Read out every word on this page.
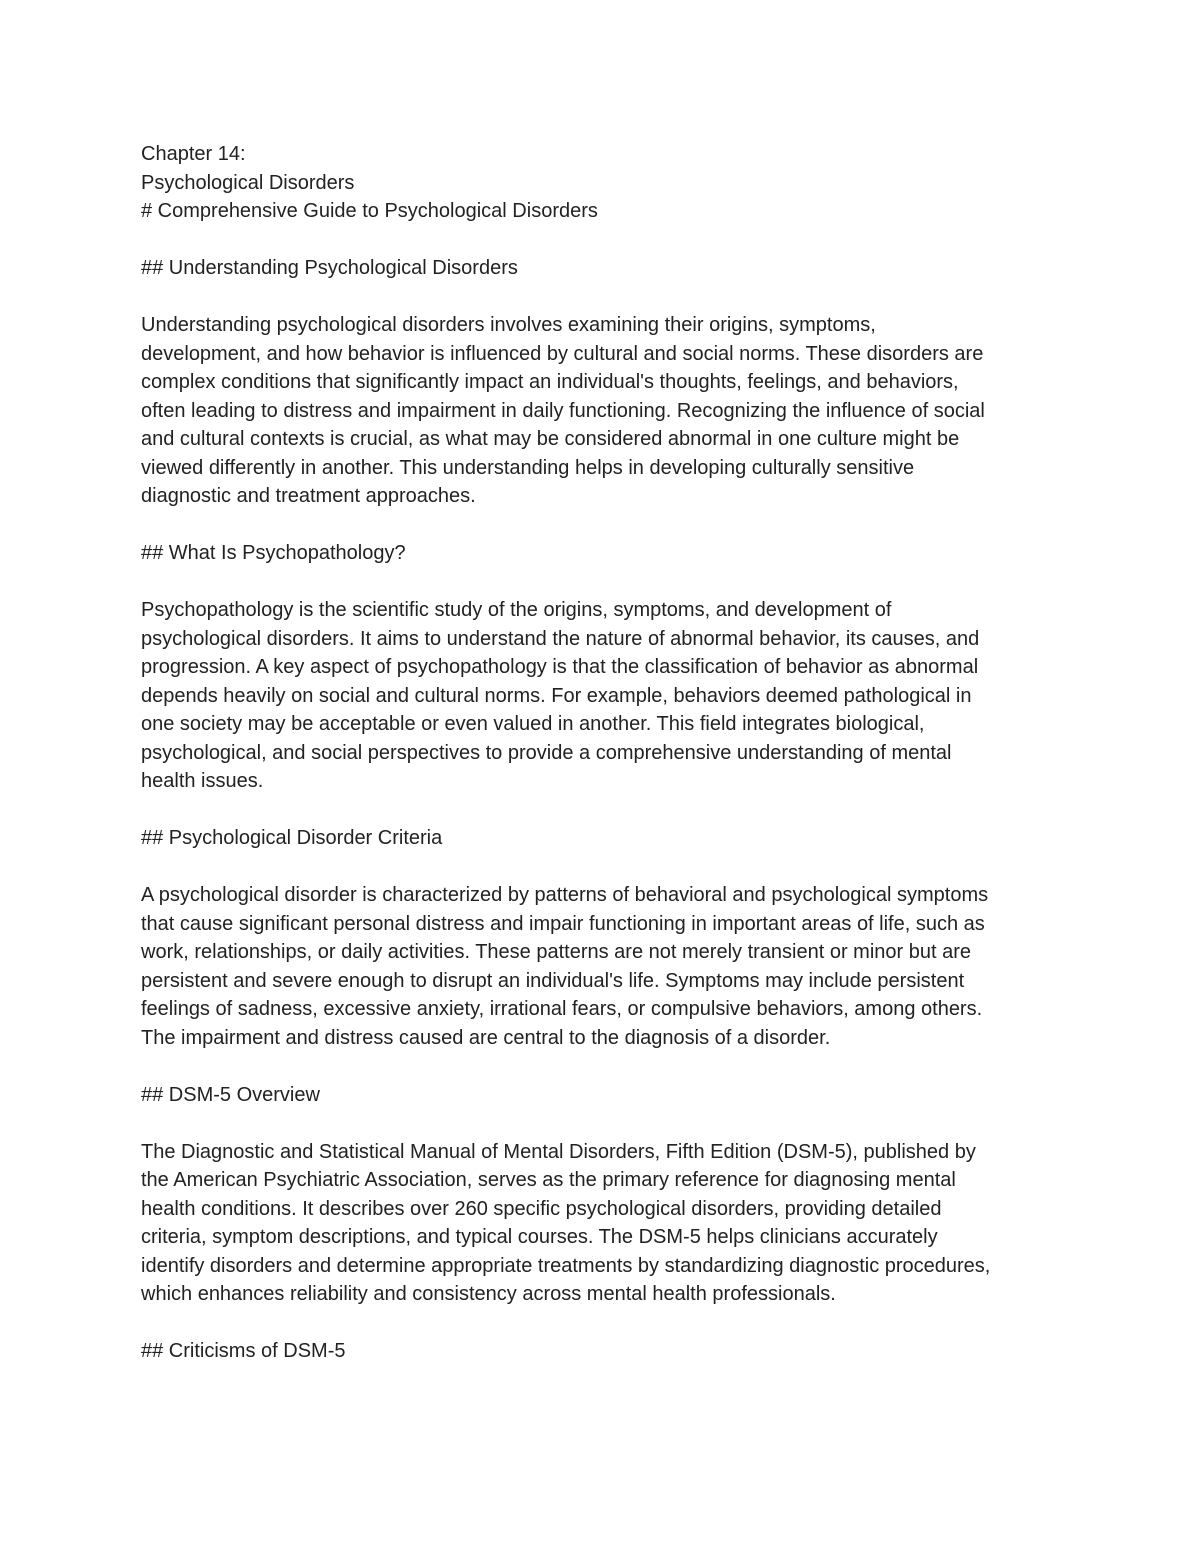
Chapter 14:
Psychological Disorders
# Comprehensive Guide to Psychological Disorders
## Understanding Psychological Disorders
Understanding psychological disorders involves examining their origins, symptoms,
development, and how behavior is influenced by cultural and social norms. These disorders are
complex conditions that significantly impact an individual's thoughts, feelings, and behaviors,
often leading to distress and impairment in daily functioning. Recognizing the influence of social
and cultural contexts is crucial, as what may be considered abnormal in one culture might be
viewed differently in another. This understanding helps in developing culturally sensitive
diagnostic and treatment approaches.
## What Is Psychopathology?
Psychopathology is the scientific study of the origins, symptoms, and development of
psychological disorders. It aims to understand the nature of abnormal behavior, its causes, and
progression. A key aspect of psychopathology is that the classification of behavior as abnormal
depends heavily on social and cultural norms. For example, behaviors deemed pathological in
one society may be acceptable or even valued in another. This field integrates biological,
psychological, and social perspectives to provide a comprehensive understanding of mental
health issues.
## Psychological Disorder Criteria
A psychological disorder is characterized by patterns of behavioral and psychological symptoms
that cause significant personal distress and impair functioning in important areas of life, such as
work, relationships, or daily activities. These patterns are not merely transient or minor but are
persistent and severe enough to disrupt an individual's life. Symptoms may include persistent
feelings of sadness, excessive anxiety, irrational fears, or compulsive behaviors, among others.
The impairment and distress caused are central to the diagnosis of a disorder.
## DSM-5 Overview
The Diagnostic and Statistical Manual of Mental Disorders, Fifth Edition (DSM-5), published by
the American Psychiatric Association, serves as the primary reference for diagnosing mental
health conditions. It describes over 260 specific psychological disorders, providing detailed
criteria, symptom descriptions, and typical courses. The DSM-5 helps clinicians accurately
identify disorders and determine appropriate treatments by standardizing diagnostic procedures,
which enhances reliability and consistency across mental health professionals.
## Criticisms of DSM-5
